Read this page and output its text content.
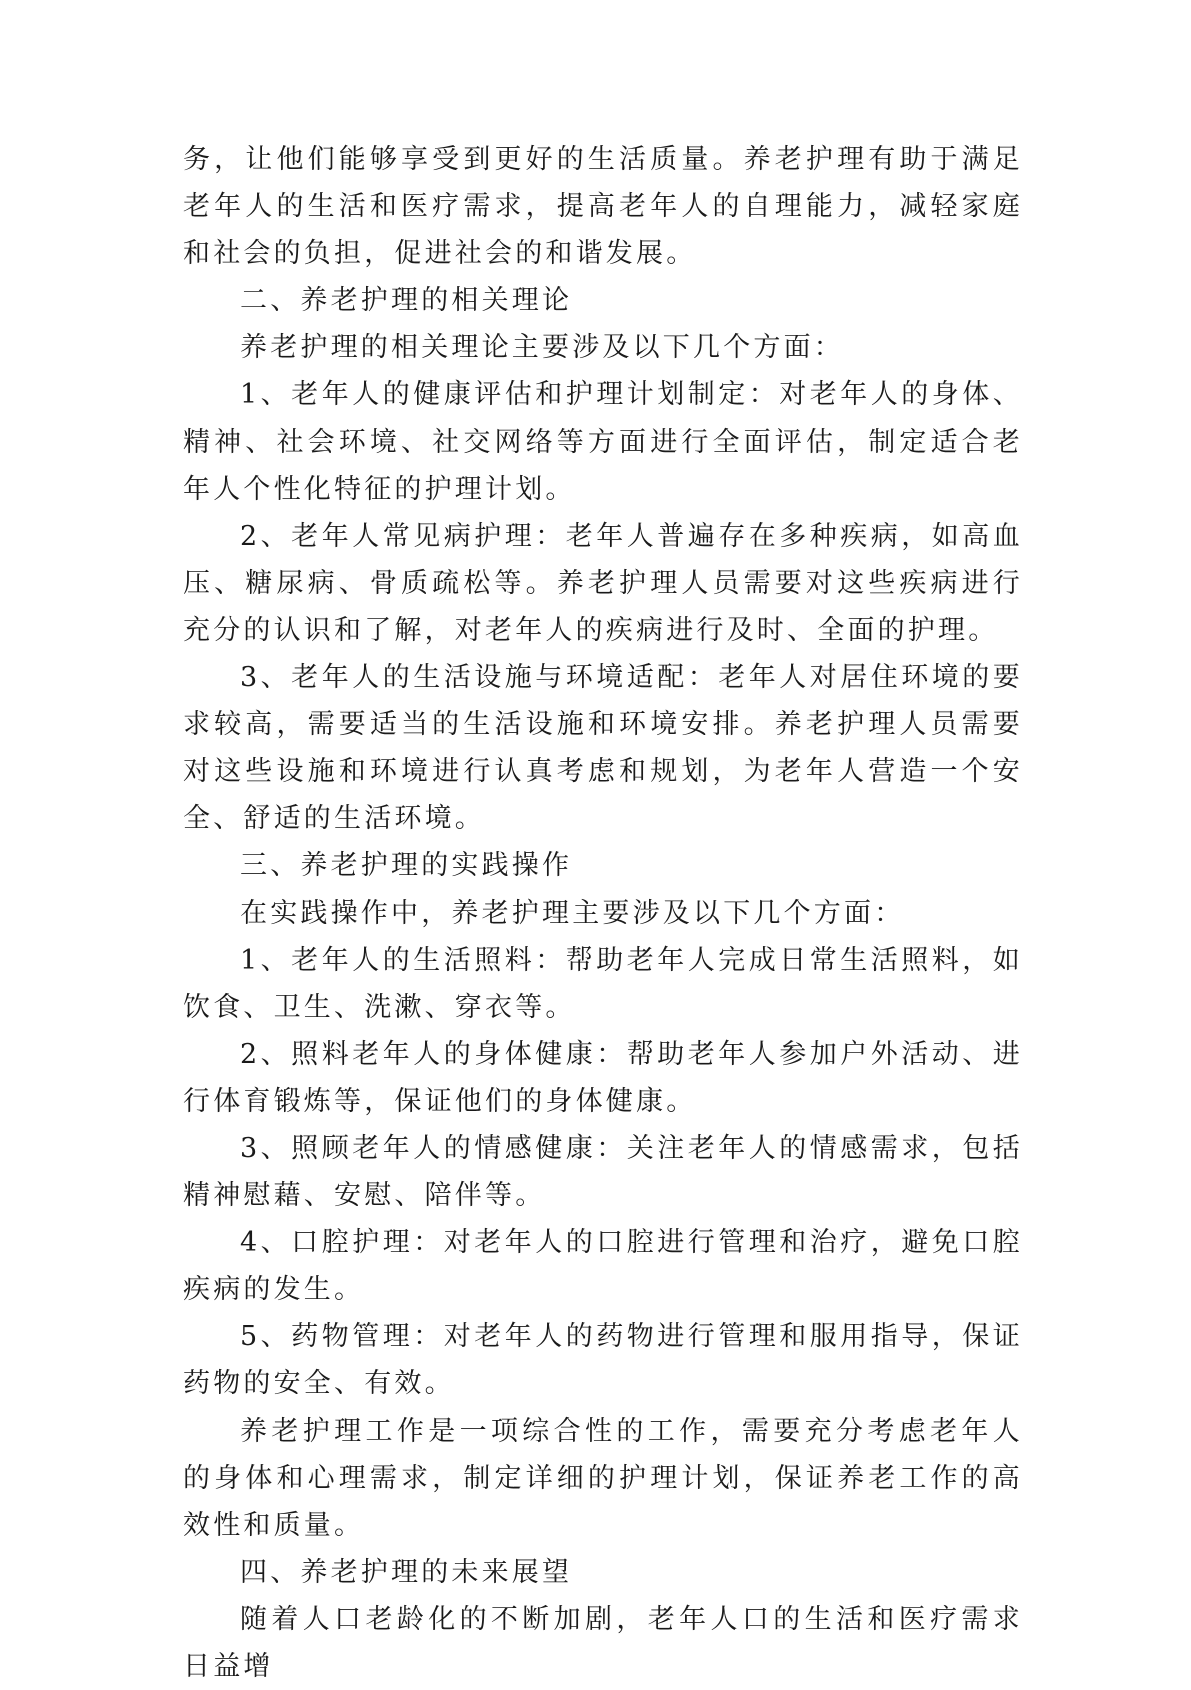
务，让他们能够享受到更好的生活质量。养老护理有助于满足老年人的生活和医疗需求，提高老年人的自理能力，减轻家庭和社会的负担，促进社会的和谐发展。

二、养老护理的相关理论

养老护理的相关理论主要涉及以下几个方面：

1、老年人的健康评估和护理计划制定：对老年人的身体、精神、社会环境、社交网络等方面进行全面评估，制定适合老年人个性化特征的护理计划。

2、老年人常见病护理：老年人普遍存在多种疾病，如高血压、糖尿病、骨质疏松等。养老护理人员需要对这些疾病进行充分的认识和了解，对老年人的疾病进行及时、全面的护理。

3、老年人的生活设施与环境适配：老年人对居住环境的要求较高，需要适当的生活设施和环境安排。养老护理人员需要对这些设施和环境进行认真考虑和规划，为老年人营造一个安全、舒适的生活环境。

三、养老护理的实践操作

在实践操作中，养老护理主要涉及以下几个方面：

1、老年人的生活照料：帮助老年人完成日常生活照料，如饮食、卫生、洗漱、穿衣等。

2、照料老年人的身体健康：帮助老年人参加户外活动、进行体育锻炼等，保证他们的身体健康。

3、照顾老年人的情感健康：关注老年人的情感需求，包括精神慰藉、安慰、陪伴等。

4、口腔护理：对老年人的口腔进行管理和治疗，避免口腔疾病的发生。

5、药物管理：对老年人的药物进行管理和服用指导，保证药物的安全、有效。

养老护理工作是一项综合性的工作，需要充分考虑老年人的身体和心理需求，制定详细的护理计划，保证养老工作的高效性和质量。

四、养老护理的未来展望

随着人口老龄化的不断加剧，老年人口的生活和医疗需求日益增
